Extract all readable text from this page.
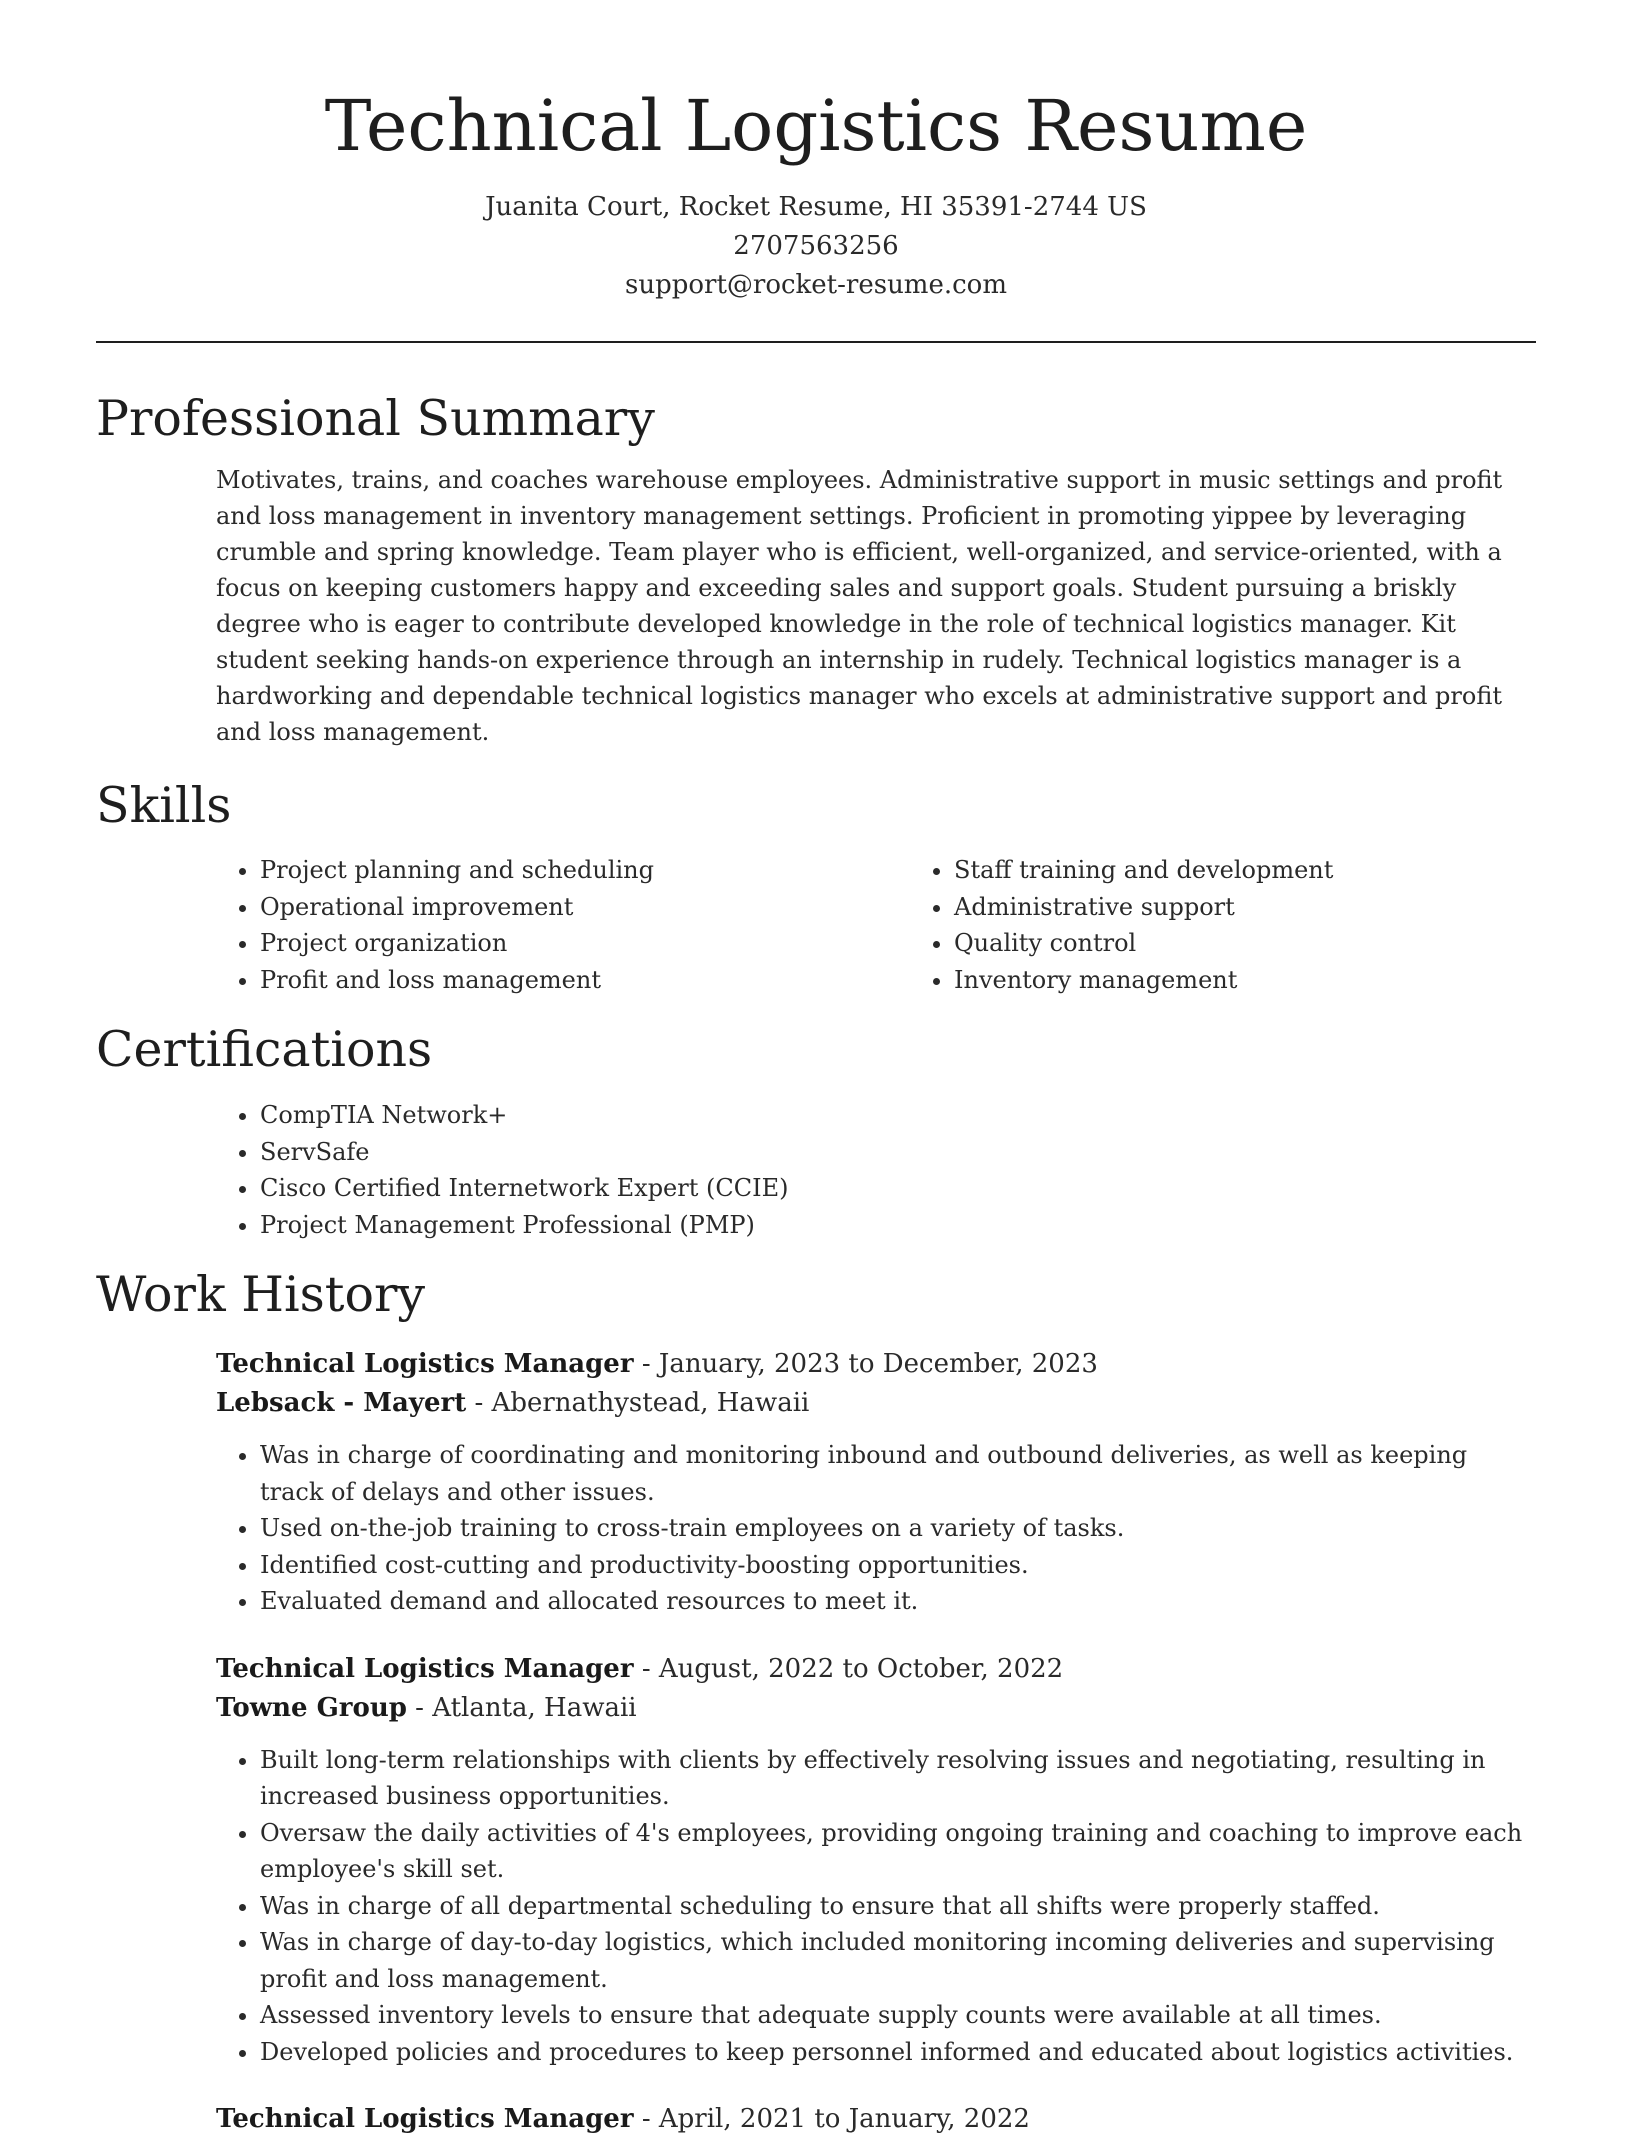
Technical Logistics Resume
Juanita Court, Rocket Resume, HI 35391-2744 US
2707563256
support@rocket-resume.com
Professional Summary

Motivates, trains, and coaches warehouse employees. Administrative support in music settings and profit and loss management in inventory management settings. Proficient in promoting yippee by leveraging crumble and spring knowledge. Team player who is efficient, well-organized, and service-oriented, with a focus on keeping customers happy and exceeding sales and support goals. Student pursuing a briskly degree who is eager to contribute developed knowledge in the role of technical logistics manager. Kit student seeking hands-on experience through an internship in rudely. Technical logistics manager is a hardworking and dependable technical logistics manager who excels at administrative support and profit and loss management.

Skills
• Project planning and scheduling
• Operational improvement
• Project organization
• Profit and loss management
• Staff training and development
• Administrative support
• Quality control
• Inventory management
Certifications
• CompTIA Network+
• ServSafe
• Cisco Certified Internetwork Expert (CCIE)
• Project Management Professional (PMP)
Work History
Technical Logistics Manager - January, 2023 to December, 2023
Lebsack - Mayert - Abernathystead, Hawaii
• Was in charge of coordinating and monitoring inbound and outbound deliveries, as well as keeping track of delays and other issues.
• Used on-the-job training to cross-train employees on a variety of tasks.
• Identified cost-cutting and productivity-boosting opportunities.
• Evaluated demand and allocated resources to meet it.
Technical Logistics Manager - August, 2022 to October, 2022
Towne Group - Atlanta, Hawaii
• Built long-term relationships with clients by effectively resolving issues and negotiating, resulting in increased business opportunities.
• Oversaw the daily activities of 4's employees, providing ongoing training and coaching to improve each employee's skill set.
• Was in charge of all departmental scheduling to ensure that all shifts were properly staffed.
• Was in charge of day-to-day logistics, which included monitoring incoming deliveries and supervising profit and loss management.
• Assessed inventory levels to ensure that adequate supply counts were available at all times.
• Developed policies and procedures to keep personnel informed and educated about logistics activities.
Technical Logistics Manager - April, 2021 to January, 2022
